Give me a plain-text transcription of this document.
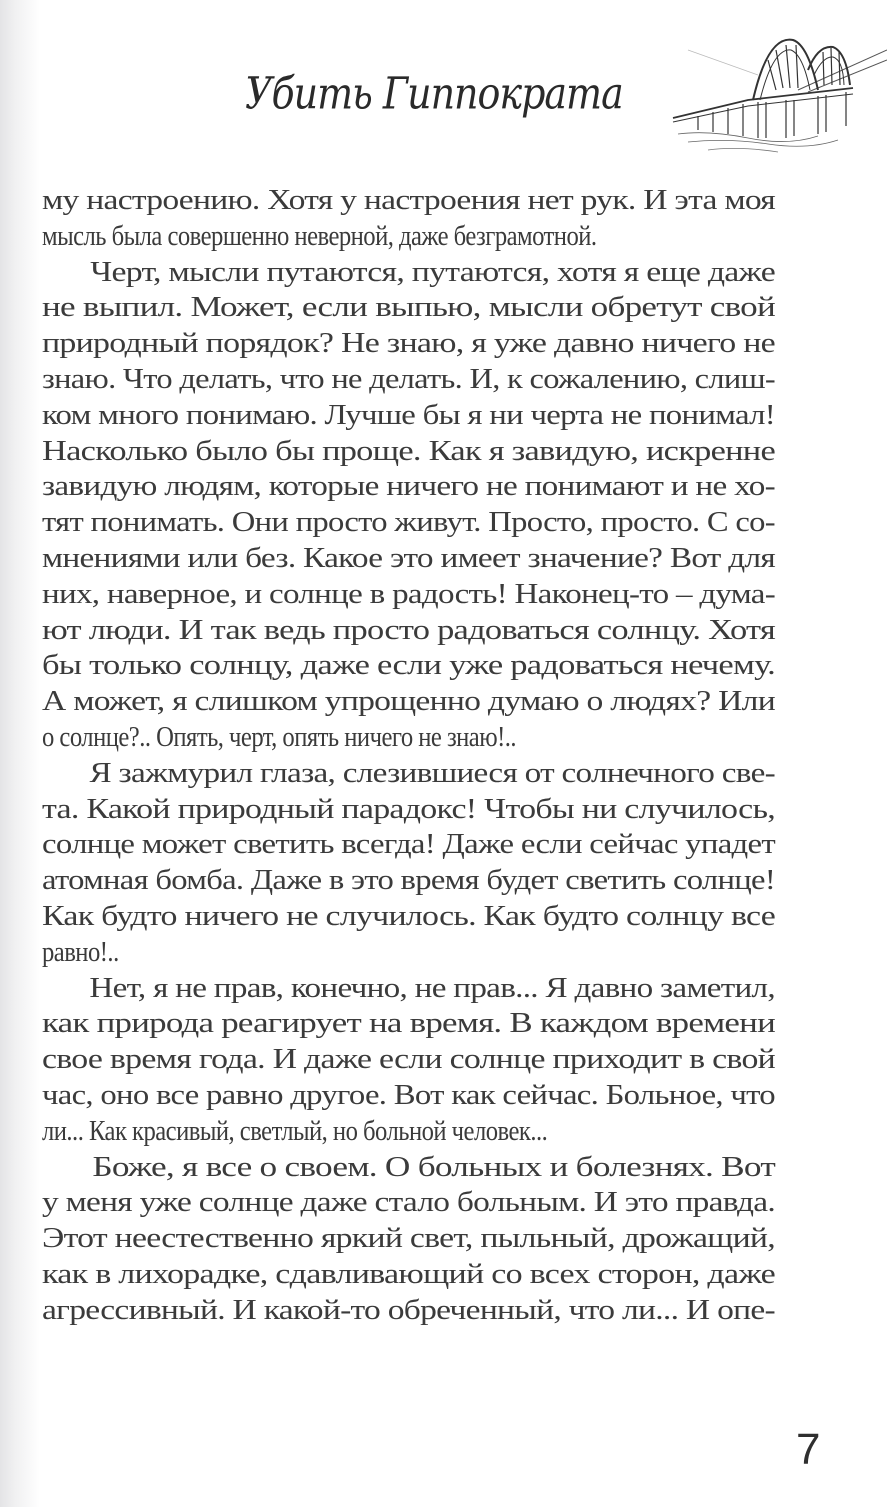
Убить Гиппократа
му настроению. Хотя у настроения нет рук. И эта моя
мысль была совершенно неверной, даже безграмотной.
Черт, мысли путаются, путаются, хотя я еще даже
не выпил. Может, если выпью, мысли обретут свой
природный порядок? Не знаю, я уже давно ничего не
знаю. Что делать, что не делать. И, к сожалению, слиш-
ком много понимаю. Лучше бы я ни черта не понимал!
Насколько было бы проще. Как я завидую, искренне
завидую людям, которые ничего не понимают и не хо-
тят понимать. Они просто живут. Просто, просто. С со-
мнениями или без. Какое это имеет значение? Вот для
них, наверное, и солнце в радость! Наконец-то – дума-
ют люди. И так ведь просто радоваться солнцу. Хотя
бы только солнцу, даже если уже радоваться нечему.
А может, я слишком упрощенно думаю о людях? Или
о солнце?.. Опять, черт, опять ничего не знаю!..
Я зажмурил глаза, слезившиеся от солнечного све-
та. Какой природный парадокс! Чтобы ни случилось,
солнце может светить всегда! Даже если сейчас упадет
атомная бомба. Даже в это время будет светить солнце!
Как будто ничего не случилось. Как будто солнцу все
равно!..
Нет, я не прав, конечно, не прав... Я давно заметил,
как природа реагирует на время. В каждом времени
свое время года. И даже если солнце приходит в свой
час, оно все равно другое. Вот как сейчас. Больное, что
ли... Как красивый, светлый, но больной человек...
Боже, я все о своем. О больных и болезнях. Вот
у меня уже солнце даже стало больным. И это правда.
Этот неестественно яркий свет, пыльный, дрожащий,
как в лихорадке, сдавливающий со всех сторон, даже
агрессивный. И какой-то обреченный, что ли... И опе-
7
